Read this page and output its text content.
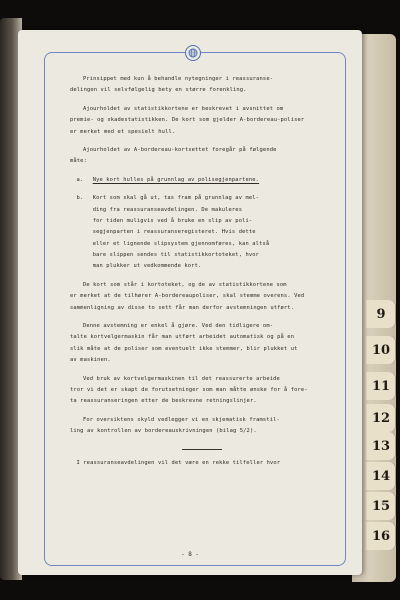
9
10
11
12
13
14
15
16
Prinsippet med kun å behandle nytegninger i reassuranse-
delingen vil selvfølgelig bety en større forenkling.
Ajourholdet av statistikkortene er beskrevet i avsnittet om
premie- og skadestatistikken. De kort som gjelder A-bordereau-poliser
er merket med et spesielt hull.
Ajourholdet av A-bordereau-kortsettet foregår på følgende
måte:
a. Nye kort hulles på grunnlag av polisegjenpartene.
b. Kort som skal gå ut, tas fram på grunnlag av mel-
ding fra reassuranseavdelingen. De makuleres
for tiden muligvis ved å bruke en slip av poli-
segjenparten i reassuranseregisteret. Hvis dette
eller et lignende slipsystem gjennomføres, kan altså
bare slippen sendes til statistikkortoteket, hvor
man plukker ut vedkommende kort.
De kort som står i kortoteket, og de av statistikkortene som
er merket at de tilhører A-bordereaupoliser, skal stemme overens. Ved
sammenligning av disse to sett får man derfor avstemningen utført.
Denne avstemning er enkel å gjøre. Ved den tidligere om-
talte kortvelgermaskin får man utført arbeidet automatisk og på en
slik måte at de poliser som eventuelt ikke stemmer, blir plukket ut
av maskinen.
Ved bruk av kortvelgermaskinen til det reassurerte arbeide
tror vi det er skapt de forutsetninger som man måtte ønske for å fore-
ta reassuranseringen etter de beskrevne retningslinjer.
For oversiktens skyld vedlegger vi en skjematisk framstil-
ling av kontrollen av bordereauskrivningen (bilag 5/2).
I reassuranseavdelingen vil det være en rekke tilfeller hvor
- 8 -
